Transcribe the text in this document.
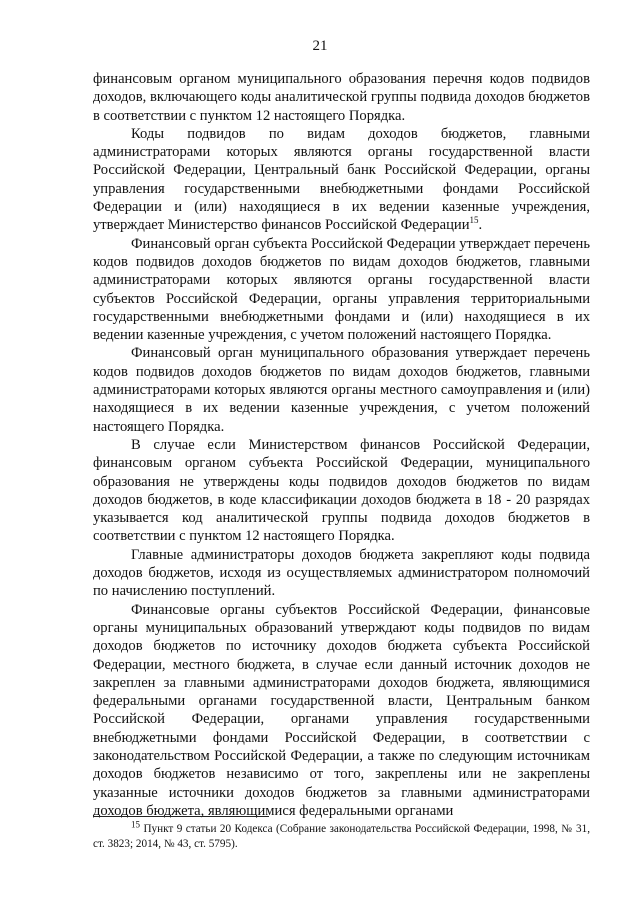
21

финансовым органом муниципального образования перечня кодов подвидов доходов, включающего коды аналитической группы подвида доходов бюджетов в соответствии с пунктом 12 настоящего Порядка.

Коды подвидов по видам доходов бюджетов, главными администраторами которых являются органы государственной власти Российской Федерации, Центральный банк Российской Федерации, органы управления государственными внебюджетными фондами Российской Федерации и (или) находящиеся в их ведении казенные учреждения, утверждает Министерство финансов Российской Федерации$^{15}$.

Финансовый орган субъекта Российской Федерации утверждает перечень кодов подвидов доходов бюджетов по видам доходов бюджетов, главными администраторами которых являются органы государственной власти субъектов Российской Федерации, органы управления территориальными государственными внебюджетными фондами и (или) находящиеся в их ведении казенные учреждения, с учетом положений настоящего Порядка.

Финансовый орган муниципального образования утверждает перечень кодов подвидов доходов бюджетов по видам доходов бюджетов, главными администраторами которых являются органы местного самоуправления и (или) находящиеся в их ведении казенные учреждения, с учетом положений настоящего Порядка.

В случае если Министерством финансов Российской Федерации, финансовым органом субъекта Российской Федерации, муниципального образования не утверждены коды подвидов доходов бюджетов по видам доходов бюджетов, в коде классификации доходов бюджета в 18 - 20 разрядах указывается код аналитической группы подвида доходов бюджетов в соответствии с пунктом 12 настоящего Порядка.

Главные администраторы доходов бюджета закрепляют коды подвида доходов бюджетов, исходя из осуществляемых администратором полномочий по начислению поступлений.

Финансовые органы субъектов Российской Федерации, финансовые органы муниципальных образований утверждают коды подвидов по видам доходов бюджетов по источнику доходов бюджета субъекта Российской Федерации, местного бюджета, в случае если данный источник доходов не закреплен за главными администраторами доходов бюджета, являющимися федеральными органами государственной власти, Центральным банком Российской Федерации, органами управления государственными внебюджетными фондами Российской Федерации, в соответствии с законодательством Российской Федерации, а также по следующим источникам доходов бюджетов независимо от того, закреплены или не закреплены указанные источники доходов бюджетов за главными администраторами доходов бюджета, являющимися федеральными органами

$^{15}$ Пункт 9 статьи 20 Кодекса (Собрание законодательства Российской Федерации, 1998, № 31, ст. 3823; 2014, № 43, ст. 5795).
